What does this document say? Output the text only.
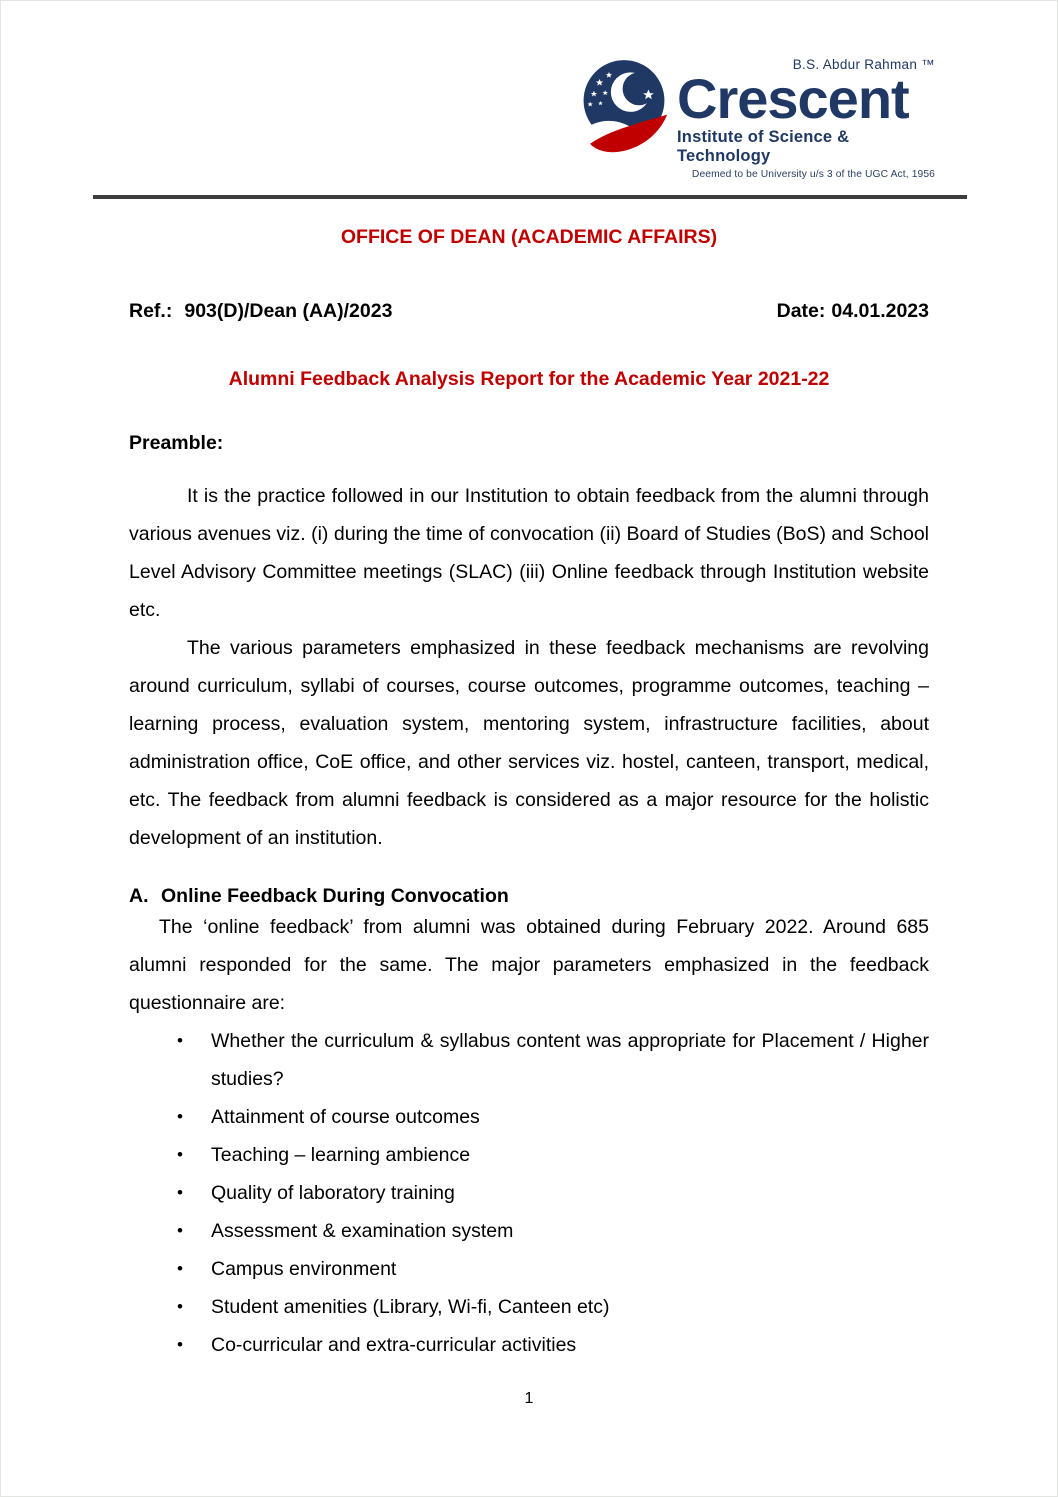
B.S. Abdur Rahman ™
Crescent
Institute of Science & Technology
Deemed to be University u/s 3 of the UGC Act, 1956
OFFICE OF DEAN (ACADEMIC AFFAIRS)
Ref.: 903(D)/Dean (AA)/2023	Date: 04.01.2023
Alumni Feedback Analysis Report for the Academic Year 2021-22
Preamble:

It is the practice followed in our Institution to obtain feedback from the alumni through various avenues viz. (i) during the time of convocation (ii) Board of Studies (BoS) and School Level Advisory Committee meetings (SLAC) (iii) Online feedback through Institution website etc.

The various parameters emphasized in these feedback mechanisms are revolving around curriculum, syllabi of courses, course outcomes, programme outcomes, teaching – learning process, evaluation system, mentoring system, infrastructure facilities, about administration office, CoE office, and other services viz. hostel, canteen, transport, medical, etc. The feedback from alumni feedback is considered as a major resource for the holistic development of an institution.

A. Online Feedback During Convocation

The ‘online feedback’ from alumni was obtained during February 2022. Around 685 alumni responded for the same. The major parameters emphasized in the feedback questionnaire are:

•	Whether the curriculum & syllabus content was appropriate for Placement / Higher studies?
•	Attainment of course outcomes
•	Teaching – learning ambience
•	Quality of laboratory training
•	Assessment & examination system
•	Campus environment
•	Student amenities (Library, Wi-fi, Canteen etc)
•	Co-curricular and extra-curricular activities
1
